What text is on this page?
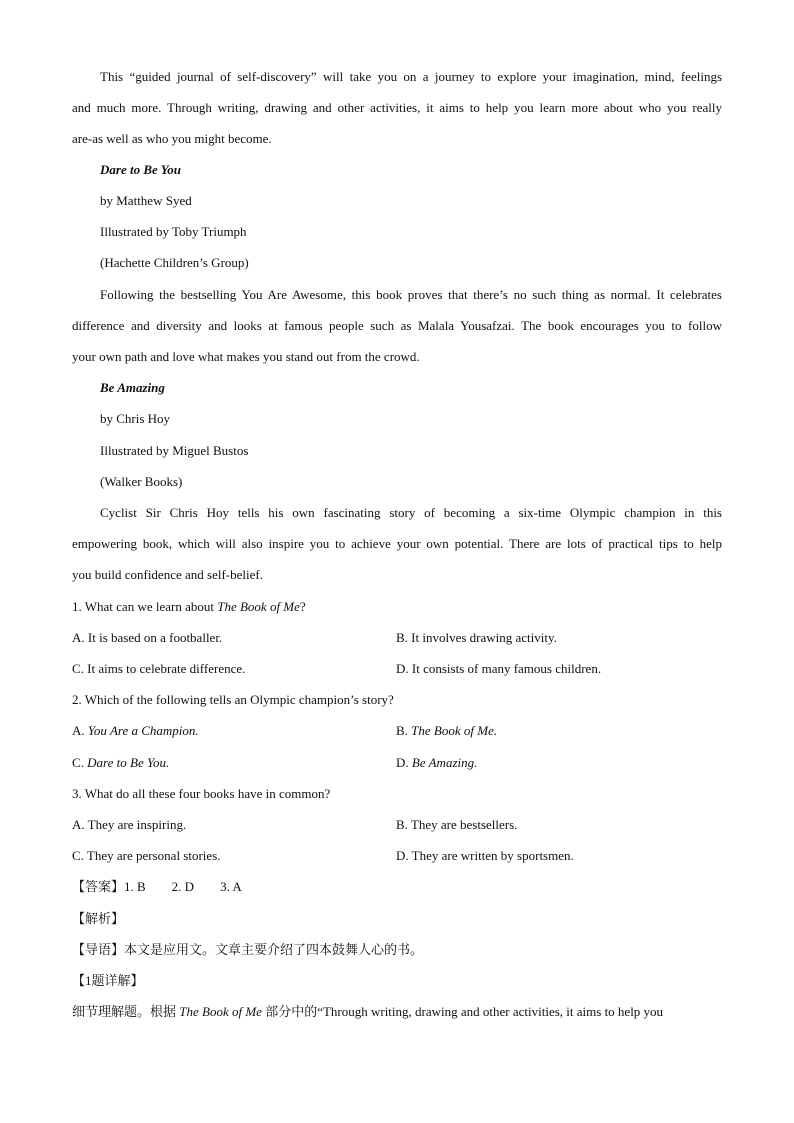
This “guided journal of self-discovery” will take you on a journey to explore your imagination, mind, feelings
and much more. Through writing, drawing and other activities, it aims to help you learn more about who you really
are-as well as who you might become.
Dare to Be You
by Matthew Syed
Illustrated by Toby Triumph
(Hachette Children’s Group)
Following the bestselling You Are Awesome, this book proves that there’s no such thing as normal. It celebrates
difference and diversity and looks at famous people such as Malala Yousafzai. The book encourages you to follow
your own path and love what makes you stand out from the crowd.
Be Amazing
by Chris Hoy
Illustrated by Miguel Bustos
(Walker Books)
Cyclist Sir Chris Hoy tells his own fascinating story of becoming a six-time Olympic champion in this
empowering book, which will also inspire you to achieve your own potential. There are lots of practical tips to help
you build confidence and self-belief.
1. What can we learn about The Book of Me?
A. It is based on a footballer.	B. It involves drawing activity.
C. It aims to celebrate difference.	D. It consists of many famous children.
2. Which of the following tells an Olympic champion’s story?
A. You Are a Champion.	B. The Book of Me.
C. Dare to Be You.	D. Be Amazing.
3. What do all these four books have in common?
A. They are inspiring.	B. They are bestsellers.
C. They are personal stories.	D. They are written by sportsmen.
【答案】1. B        2. D        3. A
【解析】
【导语】本文是应用文。文章主要介绍了四本鼓舞人心的书。
【1题详解】
细节理解题。根据 The Book of Me 部分中的“Through writing, drawing and other activities, it aims to help you
